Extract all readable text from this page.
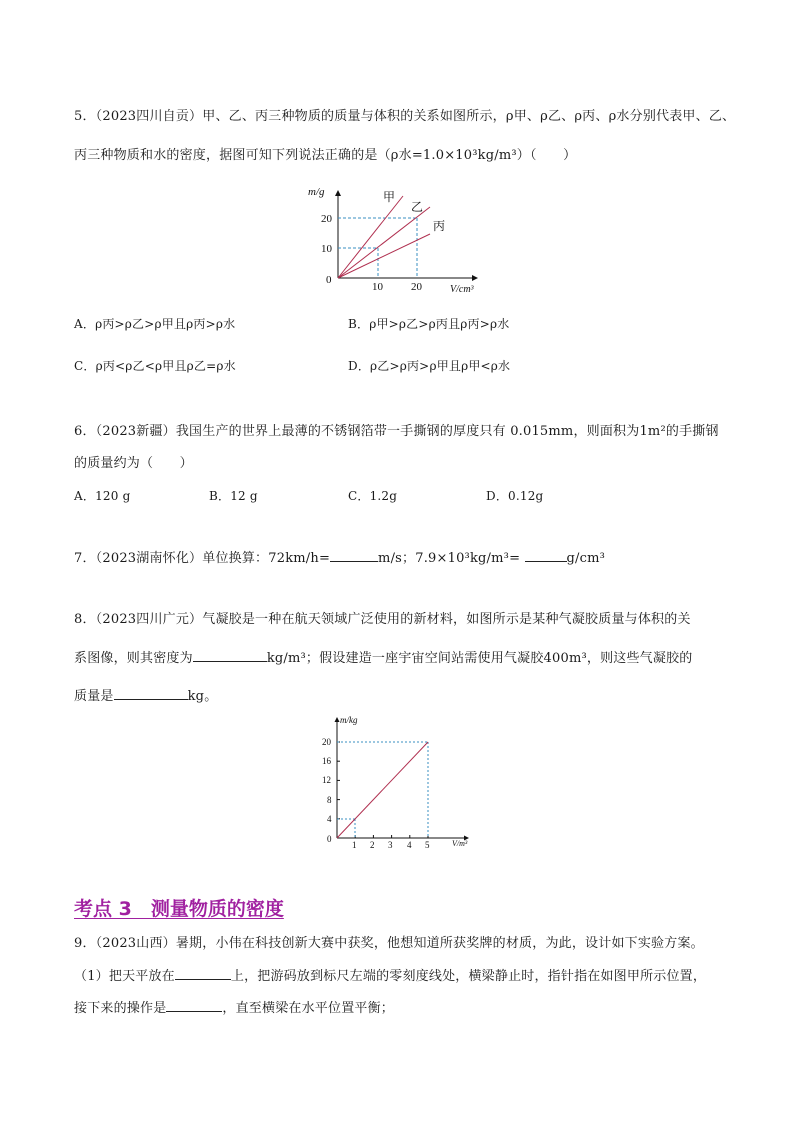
5．（2023四川自贡）甲、乙、丙三种物质的质量与体积的关系如图所示，ρ甲、ρ乙、ρ丙、ρ水分别代表甲、乙、
丙三种物质和水的密度，据图可知下列说法正确的是（ρ水=1.0×10³kg/m³）（　　）
m/g
20
10
0
10	20	V/cm³
甲
乙
丙
A．ρ丙>ρ乙>ρ甲且ρ丙>ρ水	B．ρ甲>ρ乙>ρ丙且ρ丙>ρ水
C．ρ丙<ρ乙<ρ甲且ρ乙=ρ水	D．ρ乙>ρ丙>ρ甲且ρ甲<ρ水
6．（2023新疆）我国生产的世界上最薄的不锈钢箔带一手撕钢的厚度只有 0.015mm，则面积为1m²的手撕钢
的质量约为（　　）
A．120 g	B．12 g	C．1.2g	D．0.12g
7．（2023湖南怀化）单位换算：72km/h=	m/s；7.9×10³kg/m³=	g/cm³
8．（2023四川广元）气凝胶是一种在航天领域广泛使用的新材料，如图所示是某种气凝胶质量与体积的关
系图像，则其密度为	kg/m³；假设建造一座宇宙空间站需使用气凝胶400m³，则这些气凝胶的
质量是	kg。
m/kg
20
16
12
8
4
0
1 2 3 4 5	V/m³
考点 3　测量物质的密度
9．（2023山西）暑期，小伟在科技创新大赛中获奖，他想知道所获奖牌的材质，为此，设计如下实验方案。
（1）把天平放在	上，把游码放到标尺左端的零刻度线处，横梁静止时，指针指在如图甲所示位置，
接下来的操作是	，直至横梁在水平位置平衡；
